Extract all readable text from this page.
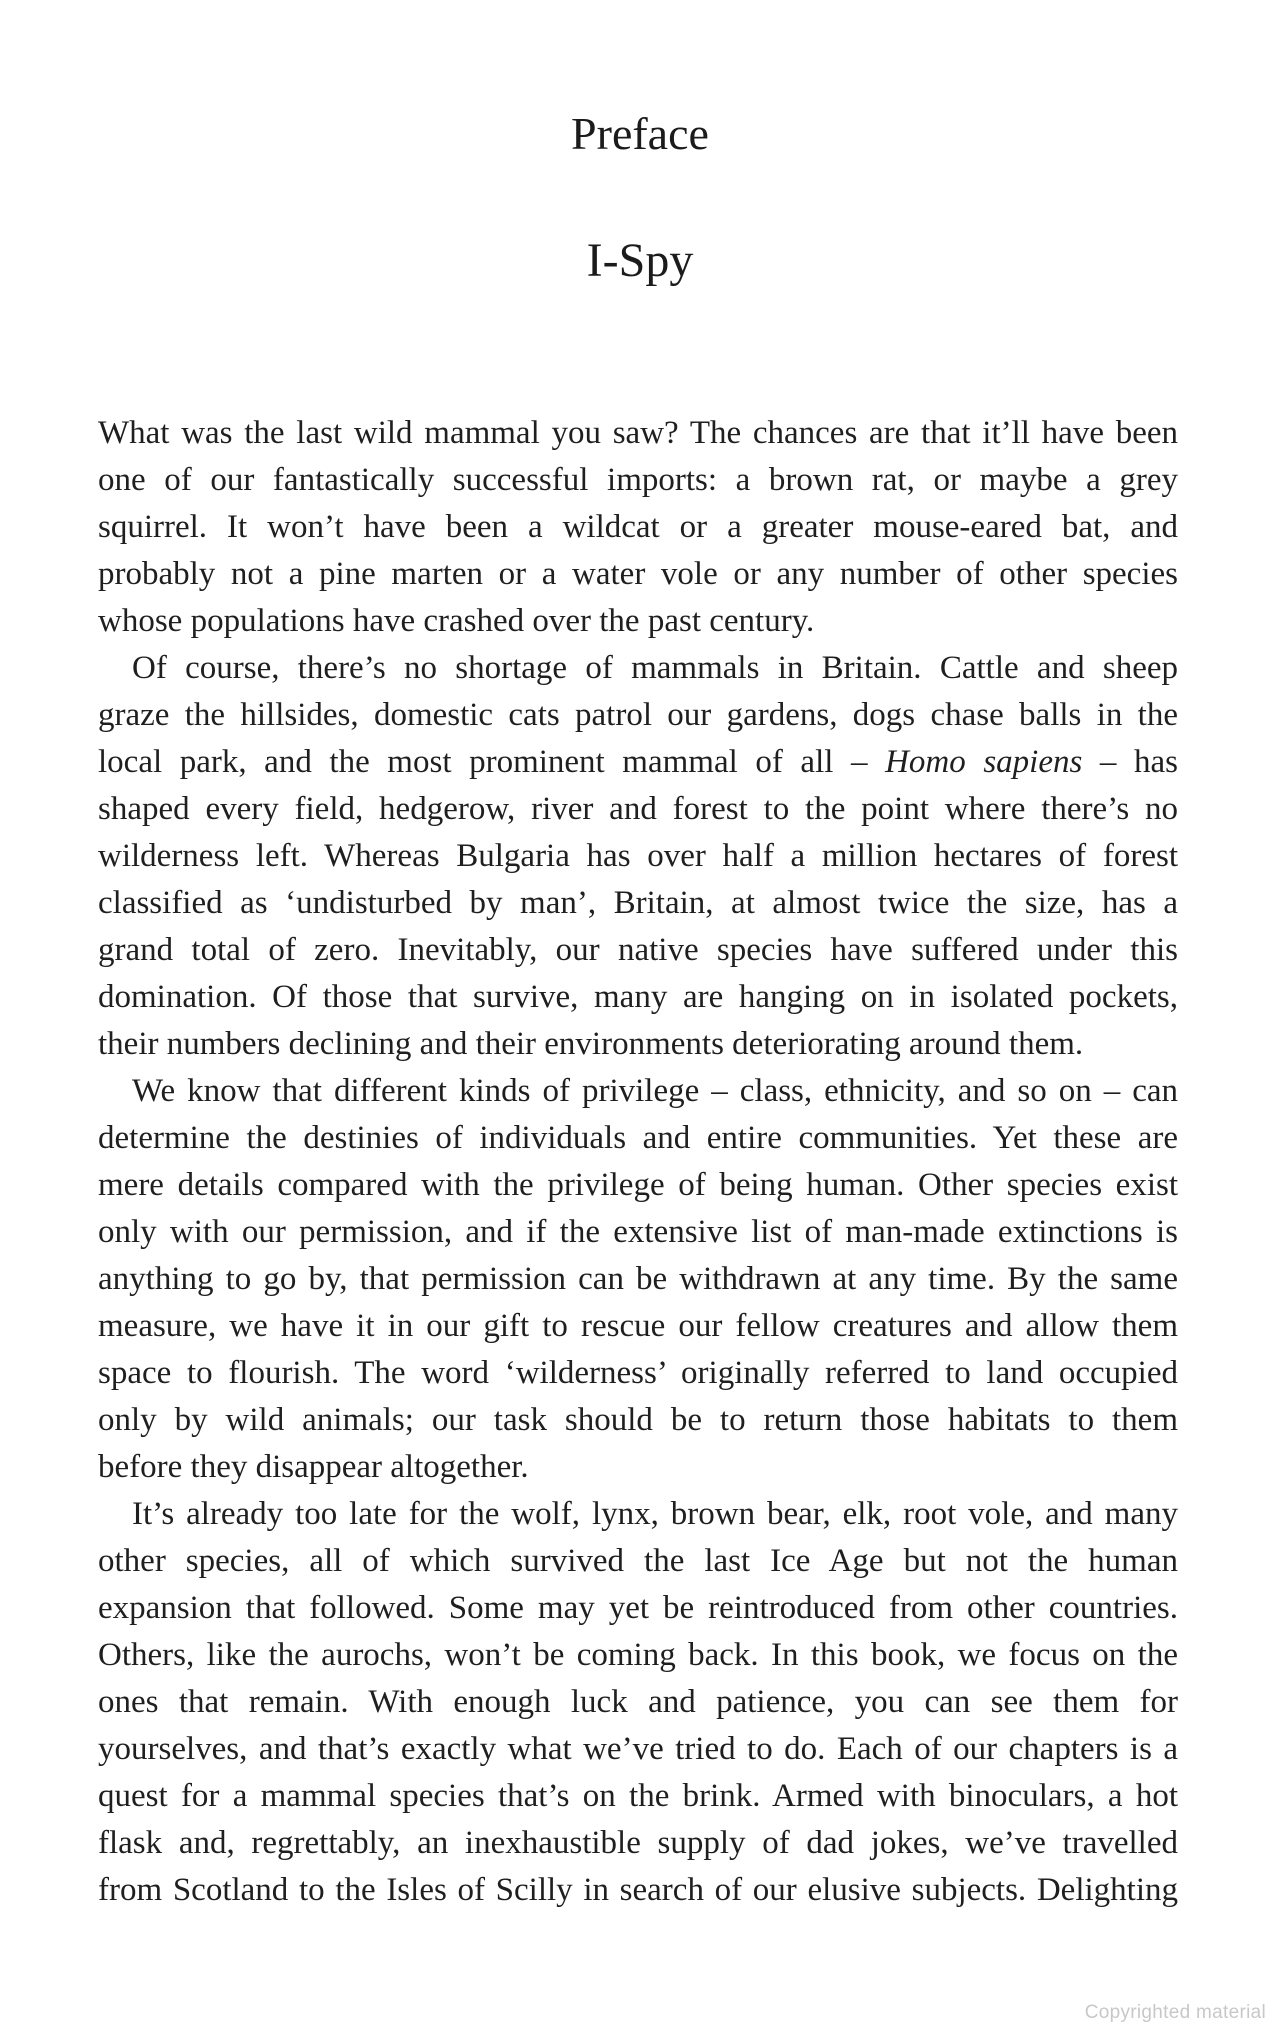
Preface
I-Spy
What was the last wild mammal you saw? The chances are that it’ll have been
one of our fantastically successful imports: a brown rat, or maybe a grey
squirrel. It won’t have been a wildcat or a greater mouse-eared bat, and
probably not a pine marten or a water vole or any number of other species
whose populations have crashed over the past century.
Of course, there’s no shortage of mammals in Britain. Cattle and sheep
graze the hillsides, domestic cats patrol our gardens, dogs chase balls in the
local park, and the most prominent mammal of all – Homo sapiens – has
shaped every field, hedgerow, river and forest to the point where there’s no
wilderness left. Whereas Bulgaria has over half a million hectares of forest
classified as ‘undisturbed by man’, Britain, at almost twice the size, has a
grand total of zero. Inevitably, our native species have suffered under this
domination. Of those that survive, many are hanging on in isolated pockets,
their numbers declining and their environments deteriorating around them.
We know that different kinds of privilege – class, ethnicity, and so on – can
determine the destinies of individuals and entire communities. Yet these are
mere details compared with the privilege of being human. Other species exist
only with our permission, and if the extensive list of man-made extinctions is
anything to go by, that permission can be withdrawn at any time. By the same
measure, we have it in our gift to rescue our fellow creatures and allow them
space to flourish. The word ‘wilderness’ originally referred to land occupied
only by wild animals; our task should be to return those habitats to them
before they disappear altogether.
It’s already too late for the wolf, lynx, brown bear, elk, root vole, and many
other species, all of which survived the last Ice Age but not the human
expansion that followed. Some may yet be reintroduced from other countries.
Others, like the aurochs, won’t be coming back. In this book, we focus on the
ones that remain. With enough luck and patience, you can see them for
yourselves, and that’s exactly what we’ve tried to do. Each of our chapters is a
quest for a mammal species that’s on the brink. Armed with binoculars, a hot
flask and, regrettably, an inexhaustible supply of dad jokes, we’ve travelled
from Scotland to the Isles of Scilly in search of our elusive subjects. Delighting
Copyrighted material
